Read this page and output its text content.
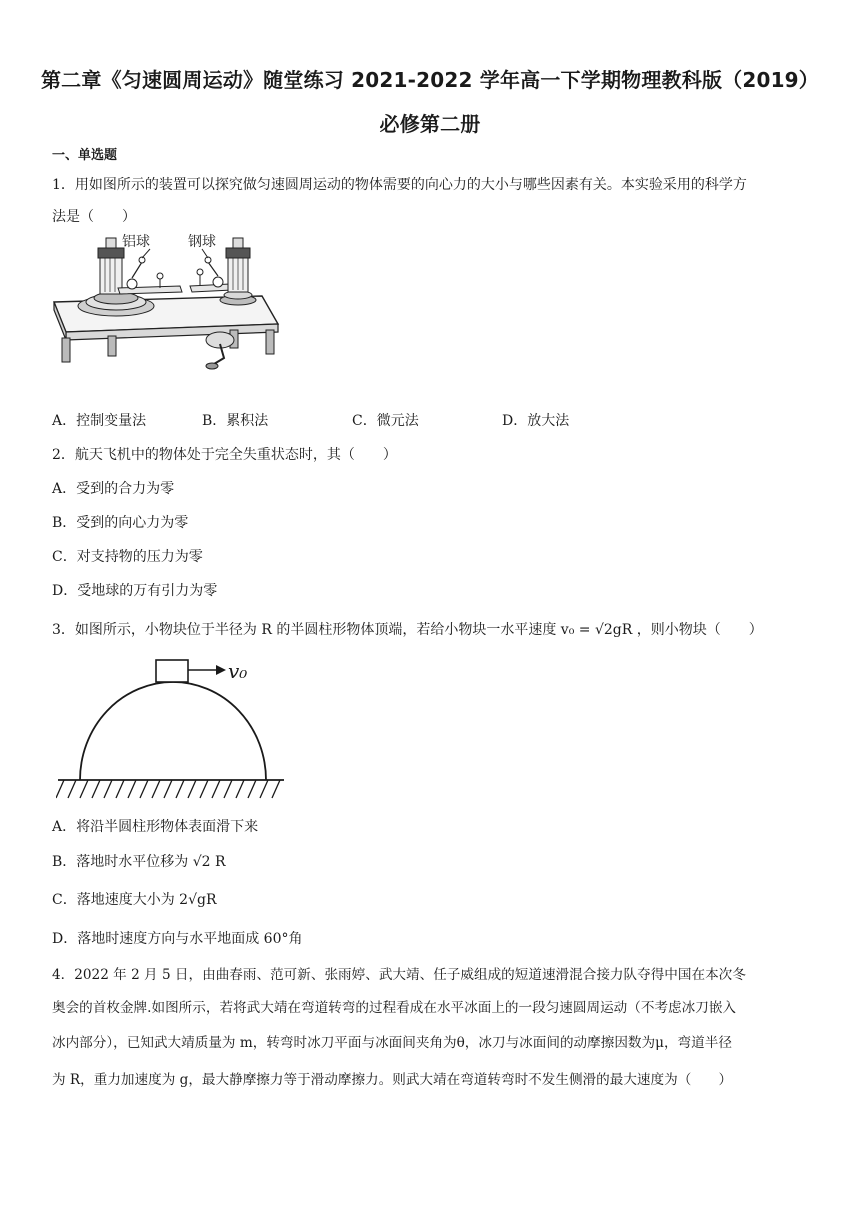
第二章《匀速圆周运动》随堂练习 2021-2022 学年高一下学期物理教科版（2019）
必修第二册
一、单选题
1．用如图所示的装置可以探究做匀速圆周运动的物体需要的向心力的大小与哪些因素有关。本实验采用的科学方
法是（　　）
铝球	钢球
A．控制变量法	B．累积法	C．微元法	D．放大法
2．航天飞机中的物体处于完全失重状态时，其（　　）
A．受到的合力为零
B．受到的向心力为零
C．对支持物的压力为零
D．受地球的万有引力为零
3．如图所示，小物块位于半径为 R 的半圆柱形物体顶端，若给小物块一水平速度 v₀ = √2gR ，则小物块（　　）
v₀
A．将沿半圆柱形物体表面滑下来
B．落地时水平位移为 √2 R
C．落地速度大小为 2√gR
D．落地时速度方向与水平地面成 60°角
4．2022 年 2 月 5 日，由曲春雨、范可新、张雨婷、武大靖、任子威组成的短道速滑混合接力队夺得中国在本次冬
奥会的首枚金牌.如图所示，若将武大靖在弯道转弯的过程看成在水平冰面上的一段匀速圆周运动（不考虑冰刀嵌入
冰内部分），已知武大靖质量为 m，转弯时冰刀平面与冰面间夹角为θ，冰刀与冰面间的动摩擦因数为μ，弯道半径
为 R，重力加速度为 g，最大静摩擦力等于滑动摩擦力。则武大靖在弯道转弯时不发生侧滑的最大速度为（　　）
